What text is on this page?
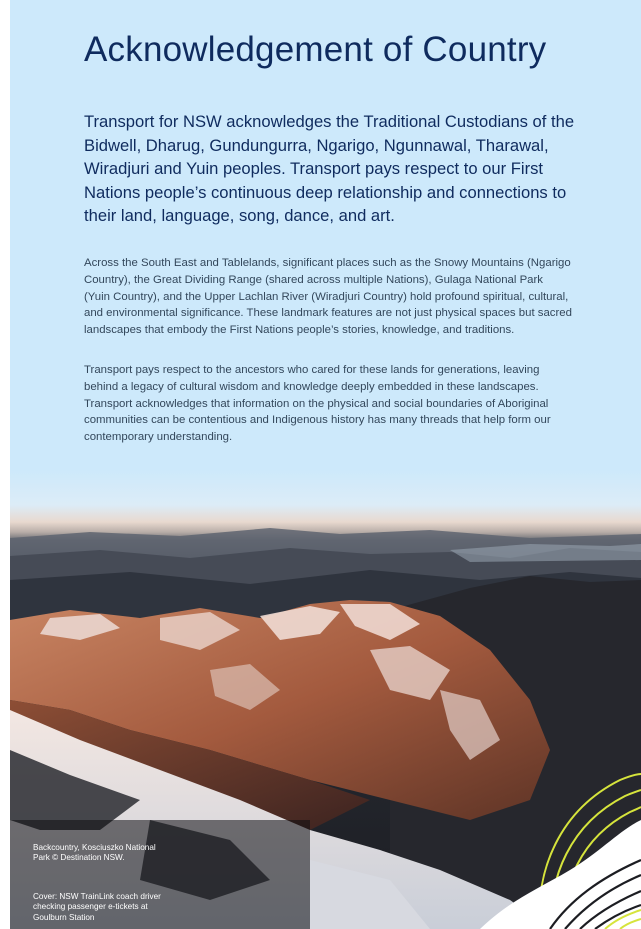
Acknowledgement of Country

Transport for NSW acknowledges the Traditional Custodians of the Bidwell, Dharug, Gundungurra, Ngarigo, Ngunnawal, Tharawal, Wiradjuri and Yuin peoples. Transport pays respect to our First Nations people’s continuous deep relationship and connections to their land, language, song, dance, and art.

Across the South East and Tablelands, significant places such as the Snowy Mountains (Ngarigo Country), the Great Dividing Range (shared across multiple Nations), Gulaga National Park (Yuin Country), and the Upper Lachlan River (Wiradjuri Country) hold profound spiritual, cultural, and environmental significance. These landmark features are not just physical spaces but sacred landscapes that embody the First Nations people’s stories, knowledge, and traditions.

Transport pays respect to the ancestors who cared for these lands for generations, leaving behind a legacy of cultural wisdom and knowledge deeply embedded in these landscapes. Transport acknowledges that information on the physical and social boundaries of Aboriginal communities can be contentious and Indigenous history has many threads that help form our contemporary understanding.

Backcountry, Kosciuszko National Park © Destination NSW.

Cover: NSW TrainLink coach driver checking passenger e-tickets at Goulburn Station
